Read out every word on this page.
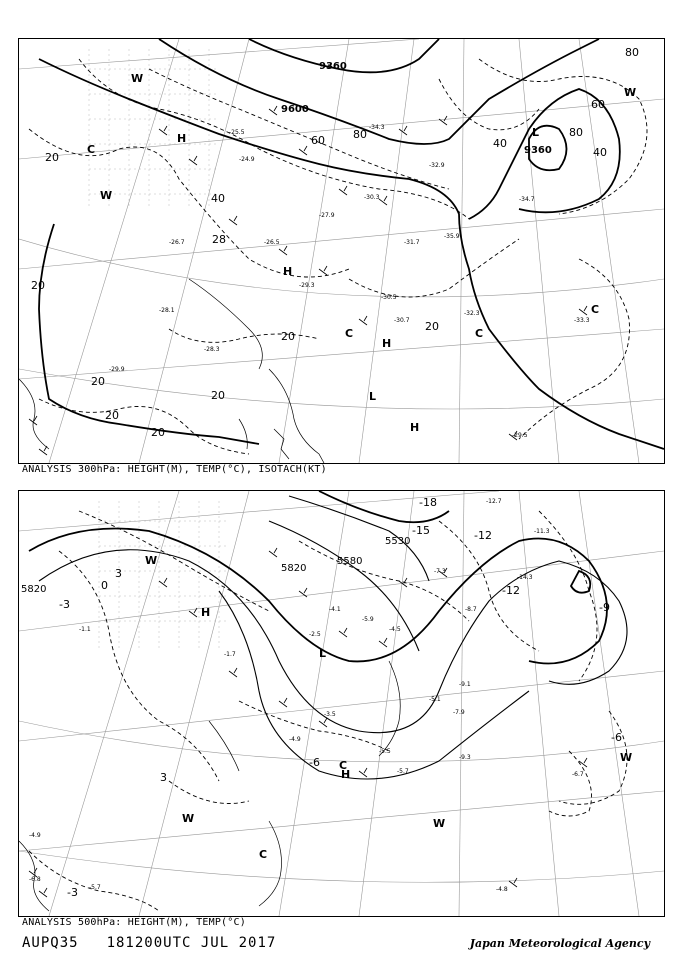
9600
9360
9360
20
20
20
20
20
20
20
20
28
40
40
40
60
60	80	80
80
H
H
H
H
L
L
C
C	C
C
W
W
W
-24.9
-25.5
-26.5
-27.9
-29.3
-30.3
-30.5
-30.7
-31.7
-32.3
-32.9
-33.3
-34.3
-34.7
-35.9
-29.5
-29.9
-28.3
-28.1
-26.7
ANALYSIS 300hPa: HEIGHT(M), TEMP(°C), ISOTACH(KT)
5820
5820
5580
5530
0
3
3
-3
-3
-6
-6
-9
-12
-12
-15
-18
H
H
L
C
C
W
W	W
W
-1.1
-1.7
-2.5
-3.5
-4.1
-4.5
-4.9
-5.1
-5.5
-5.7
-5.9
-6.7
-7.3
-7.9
-8.7
-9.1
-9.3
-11.3
-12.7
-14.3
-4.9
-4.8
-6.8
-5.7
ANALYSIS 500hPa: HEIGHT(M), TEMP(°C)
AUPQ35 181200UTC JUL 2017	Japan Meteorological Agency
